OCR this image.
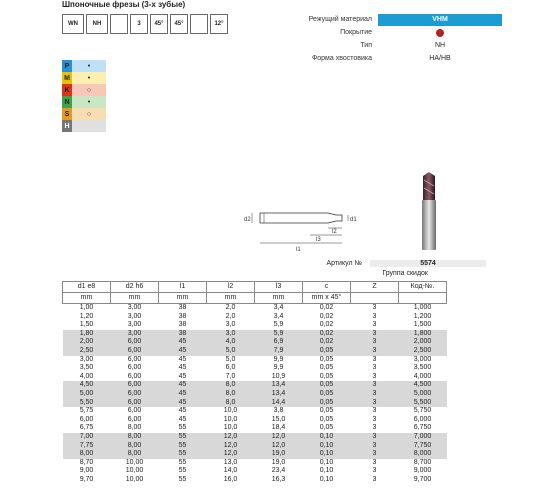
Шпоночные фрезы (3-х зубые)
WN	NH	3	45°	45°	12°
Режущий материал	VHM
Покрытие
Тип	NH
Форма хвостовика	HA/HB
P	•
M	•
K	○
N	•
S	○
H
d2	d1
l1
l3
l2
Артикул №	5574
Группа скидок
d1 e8	d2 h6	l1	l2	l3	c	Z	Код-№.
mm	mm	mm	mm	mm	mm x 45°		
1,00	3,00	38	2,0	3,4	0,02	3	1,000
1,20	3,00	38	2,0	3,4	0,02	3	1,200
1,50	3,00	38	3,0	5,9	0,02	3	1,500
1,80	3,00	38	3,0	5,9	0,02	3	1,800
2,00	6,00	45	4,0	6,9	0,02	3	2,000
2,50	6,00	45	5,0	7,9	0,05	3	2,500
3,00	6,00	45	5,0	9,9	0,05	3	3,000
3,50	6,00	45	6,0	9,9	0,05	3	3,500
4,00	6,00	45	7,0	10,9	0,05	3	4,000
4,50	6,00	45	8,0	13,4	0,05	3	4,500
5,00	6,00	45	8,0	13,4	0,05	3	5,000
5,50	6,00	45	8,0	14,4	0,05	3	5,500
5,75	6,00	45	10,0	3,8	0,05	3	5,750
6,00	6,00	45	10,0	15,0	0,05	3	6,000
6,75	8,00	55	10,0	18,4	0,05	3	6,750
7,00	8,00	55	12,0	12,0	0,10	3	7,000
7,75	8,00	55	12,0	12,0	0,10	3	7,750
8,00	8,00	55	12,0	19,0	0,10	3	8,000
8,70	10,00	55	13,0	19,0	0,10	3	8,700
9,00	10,00	55	14,0	23,4	0,10	3	9,000
9,70	10,00	55	16,0	16,3	0,10	3	9,700
